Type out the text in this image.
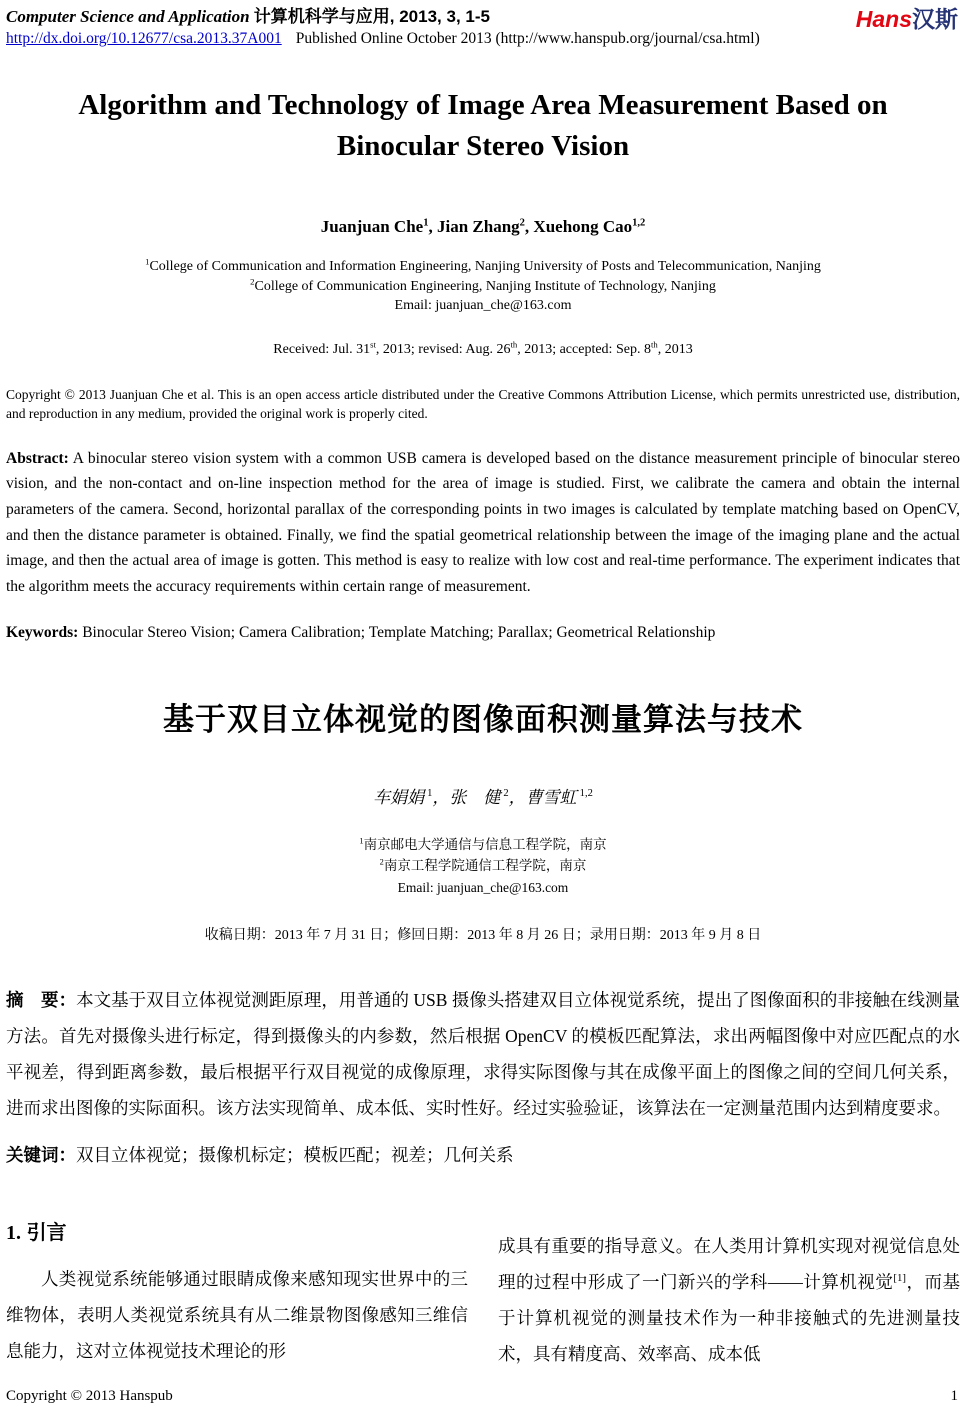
Computer Science and Application 计算机科学与应用, 2013, 3, 1-5
http://dx.doi.org/10.12677/csa.2013.37A001 Published Online October 2013 (http://www.hanspub.org/journal/csa.html)
Hans汉斯
Algorithm and Technology of Image Area Measurement Based on Binocular Stereo Vision
Juanjuan Che$^1$, Jian Zhang$^2$, Xuehong Cao$^{1,2}$
$^1$College of Communication and Information Engineering, Nanjing University of Posts and Telecommunication, Nanjing
$^2$College of Communication Engineering, Nanjing Institute of Technology, Nanjing
Email: juanjuan_che@163.com
Received: Jul. 31st, 2013; revised: Aug. 26th, 2013; accepted: Sep. 8th, 2013
Copyright © 2013 Juanjuan Che et al. This is an open access article distributed under the Creative Commons Attribution License, which permits unrestricted use, distribution, and reproduction in any medium, provided the original work is properly cited.
Abstract: A binocular stereo vision system with a common USB camera is developed based on the distance measurement principle of binocular stereo vision, and the non-contact and on-line inspection method for the area of image is studied. First, we calibrate the camera and obtain the internal parameters of the camera. Second, horizontal parallax of the corresponding points in two images is calculated by template matching based on OpenCV, and then the distance parameter is obtained. Finally, we find the spatial geometrical relationship between the image of the imaging plane and the actual image, and then the actual area of image is gotten. This method is easy to realize with low cost and real-time performance. The experiment indicates that the algorithm meets the accuracy requirements within certain range of measurement.
Keywords: Binocular Stereo Vision; Camera Calibration; Template Matching; Parallax; Geometrical Relationship
基于双目立体视觉的图像面积测量算法与技术
车娟娟 $^1$，张　健 $^2$，曹雪虹 $^{1,2}$
$^1$南京邮电大学通信与信息工程学院，南京
$^2$南京工程学院通信工程学院，南京
Email: juanjuan_che@163.com
收稿日期：2013 年 7 月 31 日；修回日期：2013 年 8 月 26 日；录用日期：2013 年 9 月 8 日
摘　要：本文基于双目立体视觉测距原理，用普通的 USB 摄像头搭建双目立体视觉系统，提出了图像面积的非接触在线测量方法。首先对摄像头进行标定，得到摄像头的内参数，然后根据 OpenCV 的模板匹配算法，求出两幅图像中对应匹配点的水平视差，得到距离参数，最后根据平行双目视觉的成像原理，求得实际图像与其在成像平面上的图像之间的空间几何关系，进而求出图像的实际面积。该方法实现简单、成本低、实时性好。经过实验验证，该算法在一定测量范围内达到精度要求。
关键词：双目立体视觉；摄像机标定；模板匹配；视差；几何关系
1. 引言

人类视觉系统能够通过眼睛成像来感知现实世界中的三维物体，表明人类视觉系统具有从二维景物图像感知三维信息能力，这对立体视觉技术理论的形

成具有重要的指导意义。在人类用计算机实现对视觉信息处理的过程中形成了一门新兴的学科——计算机视觉[1]，而基于计算机视觉的测量技术作为一种非接触式的先进测量技术，具有精度高、效率高、成本低

Copyright © 2013 Hanspub	1
